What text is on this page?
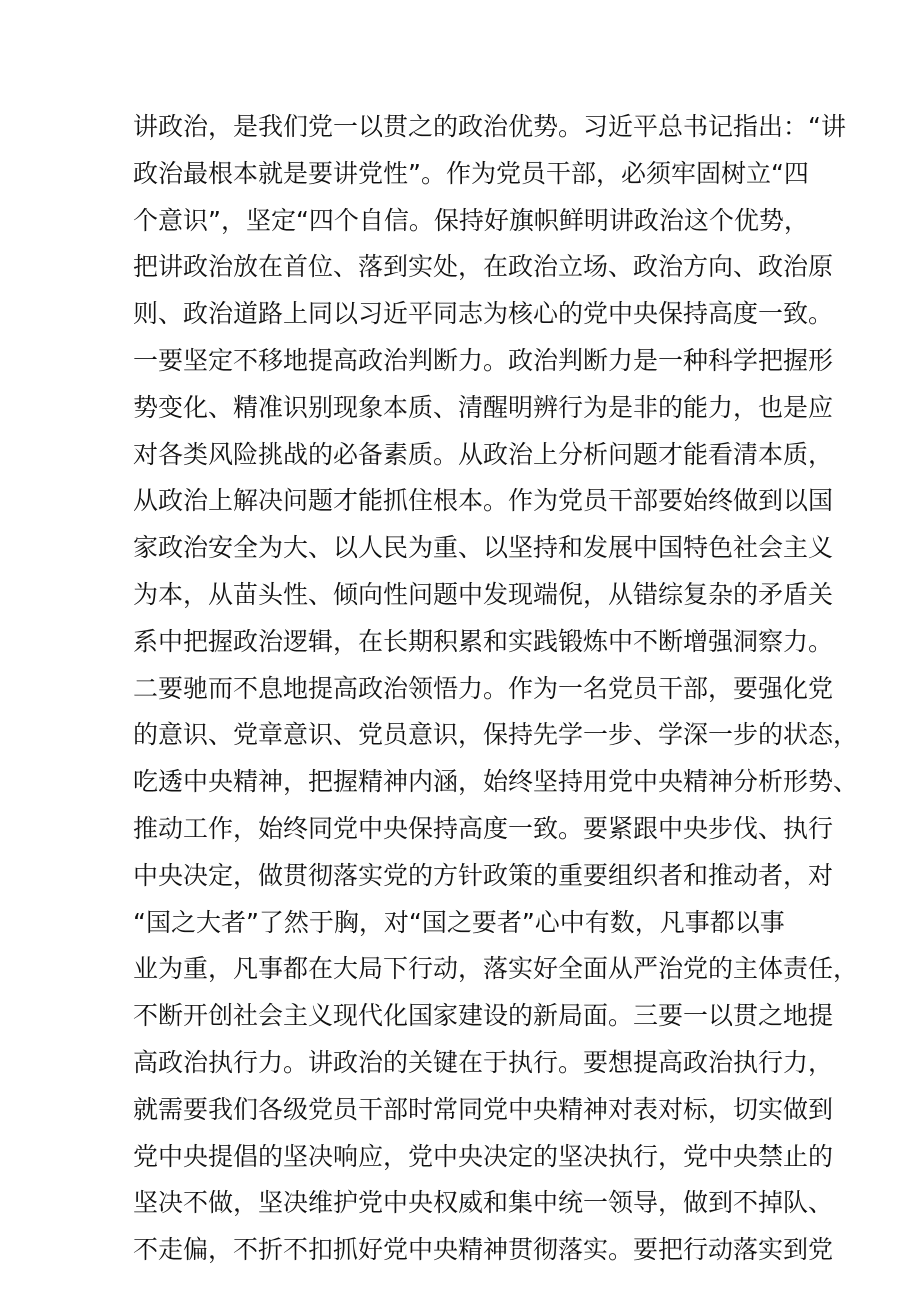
讲政治，是我们党一以贯之的政治优势。习近平总书记指出：“讲
政治最根本就是要讲党性”。作为党员干部，必须牢固树立“四
个意识”，坚定“四个自信。保持好旗帜鲜明讲政治这个优势，
把讲政治放在首位、落到实处，在政治立场、政治方向、政治原
则、政治道路上同以习近平同志为核心的党中央保持高度一致。
一要坚定不移地提高政治判断力。政治判断力是一种科学把握形
势变化、精准识别现象本质、清醒明辨行为是非的能力，也是应
对各类风险挑战的必备素质。从政治上分析问题才能看清本质，
从政治上解决问题才能抓住根本。作为党员干部要始终做到以国
家政治安全为大、以人民为重、以坚持和发展中国特色社会主义
为本，从苗头性、倾向性问题中发现端倪，从错综复杂的矛盾关
系中把握政治逻辑，在长期积累和实践锻炼中不断增强洞察力。
二要驰而不息地提高政治领悟力。作为一名党员干部，要强化党
的意识、党章意识、党员意识，保持先学一步、学深一步的状态，
吃透中央精神，把握精神内涵，始终坚持用党中央精神分析形势、
推动工作，始终同党中央保持高度一致。要紧跟中央步伐、执行
中央决定，做贯彻落实党的方针政策的重要组织者和推动者，对
“国之大者”了然于胸，对“国之要者”心中有数，凡事都以事
业为重，凡事都在大局下行动，落实好全面从严治党的主体责任，
不断开创社会主义现代化国家建设的新局面。三要一以贯之地提
高政治执行力。讲政治的关键在于执行。要想提高政治执行力，
就需要我们各级党员干部时常同党中央精神对表对标，切实做到
党中央提倡的坚决响应，党中央决定的坚决执行，党中央禁止的
坚决不做，坚决维护党中央权威和集中统一领导，做到不掉队、
不走偏，不折不扣抓好党中央精神贯彻落实。要把行动落实到党
